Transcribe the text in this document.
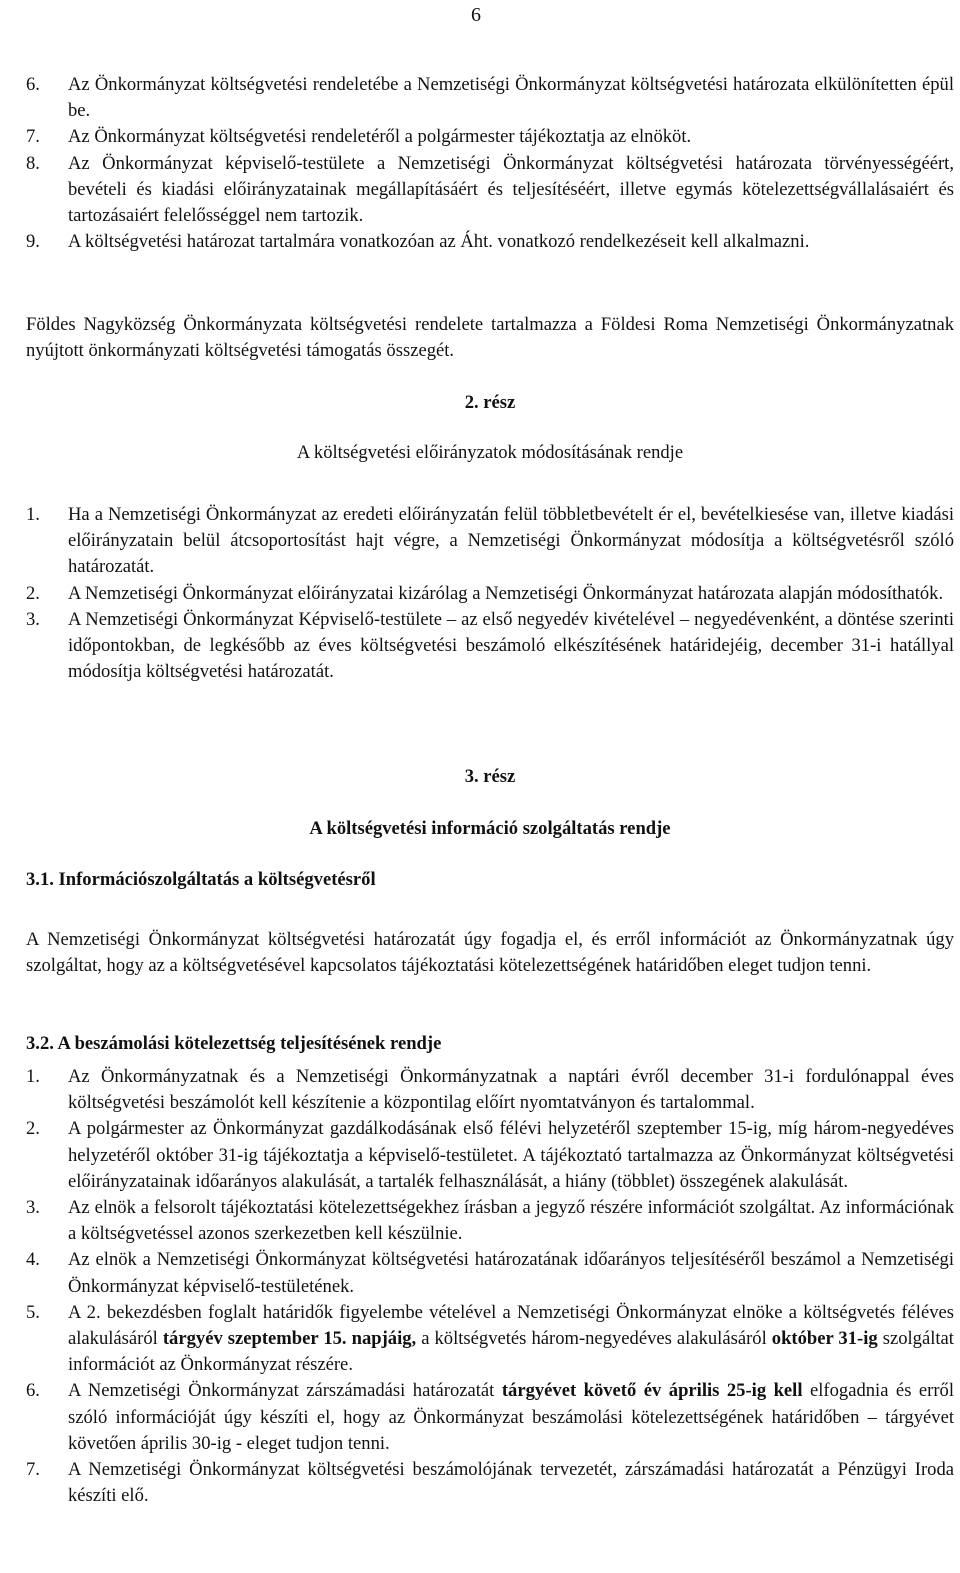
6
6. Az Önkormányzat költségvetési rendeletébe a Nemzetiségi Önkormányzat költségvetési határozata elkülönítetten épül be.
7. Az Önkormányzat költségvetési rendeletéről a polgármester tájékoztatja az elnököt.
8. Az Önkormányzat képviselő-testülete a Nemzetiségi Önkormányzat költségvetési határozata törvényességéért, bevételi és kiadási előirányzatainak megállapításáért és teljesítéséért, illetve egymás kötelezettségvállalásaiért és tartozásaiért felelősséggel nem tartozik.
9. A költségvetési határozat tartalmára vonatkozóan az Áht. vonatkozó rendelkezéseit kell alkalmazni.
Földes Nagyközség Önkormányzata költségvetési rendelete tartalmazza a Földesi Roma Nemzetiségi Önkormányzatnak nyújtott önkormányzati költségvetési támogatás összegét.
2. rész
A költségvetési előirányzatok módosításának rendje
1. Ha a Nemzetiségi Önkormányzat az eredeti előirányzatán felül többletbevételt ér el, bevételkiesése van, illetve kiadási előirányzatain belül átcsoportosítást hajt végre, a Nemzetiségi Önkormányzat módosítja a költségvetésről szóló határozatát.
2. A Nemzetiségi Önkormányzat előirányzatai kizárólag a Nemzetiségi Önkormányzat határozata alapján módosíthatók.
3. A Nemzetiségi Önkormányzat Képviselő-testülete – az első negyedév kivételével – negyedévenként, a döntése szerinti időpontokban, de legkésőbb az éves költségvetési beszámoló elkészítésének határidejéig, december 31-i hatállyal módosítja költségvetési határozatát.
3. rész
A költségvetési információ szolgáltatás rendje
3.1. Információszolgáltatás a költségvetésről
A Nemzetiségi Önkormányzat költségvetési határozatát úgy fogadja el, és erről információt az Önkormányzatnak úgy szolgáltat, hogy az a költségvetésével kapcsolatos tájékoztatási kötelezettségének határidőben eleget tudjon tenni.
3.2. A beszámolási kötelezettség teljesítésének rendje
1. Az Önkormányzatnak és a Nemzetiségi Önkormányzatnak a naptári évről december 31-i fordulónappal éves költségvetési beszámolót kell készítenie a központilag előírt nyomtatványon és tartalommal.
2. A polgármester az Önkormányzat gazdálkodásának első félévi helyzetéről szeptember 15-ig, míg három-negyedéves helyzetéről október 31-ig tájékoztatja a képviselő-testületet. A tájékoztató tartalmazza az Önkormányzat költségvetési előirányzatainak időarányos alakulását, a tartalék felhasználását, a hiány (többlet) összegének alakulását.
3. Az elnök a felsorolt tájékoztatási kötelezettségekhez írásban a jegyző részére információt szolgáltat. Az információnak a költségvetéssel azonos szerkezetben kell készülnie.
4. Az elnök a Nemzetiségi Önkormányzat költségvetési határozatának időarányos teljesítéséről beszámol a Nemzetiségi Önkormányzat képviselő-testületének.
5. A 2. bekezdésben foglalt határidők figyelembe vételével a Nemzetiségi Önkormányzat elnöke a költségvetés féléves alakulásáról tárgyév szeptember 15. napjáig, a költségvetés három-negyedéves alakulásáról október 31-ig szolgáltat információt az Önkormányzat részére.
6. A Nemzetiségi Önkormányzat zárszámadási határozatát tárgyévet követő év április 25-ig kell elfogadnia és erről szóló információját úgy készíti el, hogy az Önkormányzat beszámolási kötelezettségének határidőben – tárgyévet követően április 30-ig - eleget tudjon tenni.
7. A Nemzetiségi Önkormányzat költségvetési beszámolójának tervezetét, zárszámadási határozatát a Pénzügyi Iroda készíti elő.
